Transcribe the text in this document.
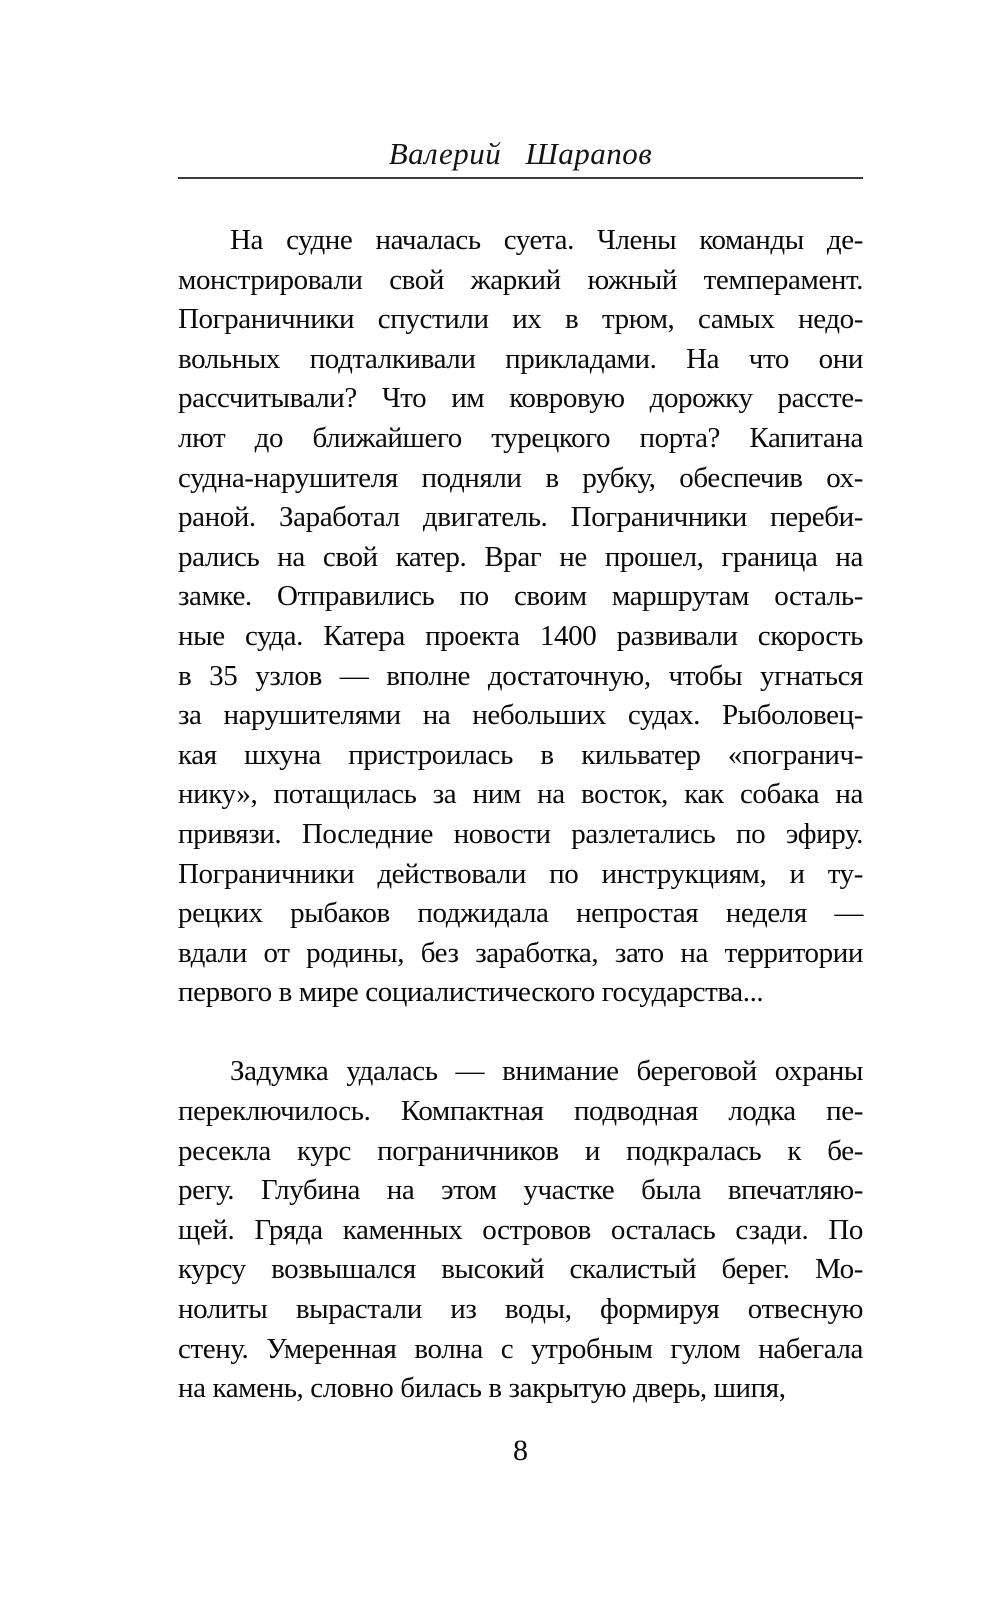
Валерий Шарапов
На судне началась суета. Члены команды де-
монстрировали свой жаркий южный темперамент.
Пограничники спустили их в трюм, самых недо-
вольных подталкивали прикладами. На что они
рассчитывали? Что им ковровую дорожку рассте-
лют до ближайшего турецкого порта? Капитана
судна-нарушителя подняли в рубку, обеспечив ох-
раной. Заработал двигатель. Пограничники переби-
рались на свой катер. Враг не прошел, граница на
замке. Отправились по своим маршрутам осталь-
ные суда. Катера проекта 1400 развивали скорость
в 35 узлов — вполне достаточную, чтобы угнаться
за нарушителями на небольших судах. Рыболовец-
кая шхуна пристроилась в кильватер «погранич-
нику», потащилась за ним на восток, как собака на
привязи. Последние новости разлетались по эфиру.
Пограничники действовали по инструкциям, и ту-
рецких рыбаков поджидала непростая неделя —
вдали от родины, без заработка, зато на территории
первого в мире социалистического государства...
Задумка удалась — внимание береговой охраны
переключилось. Компактная подводная лодка пе-
ресекла курс пограничников и подкралась к бе-
регу. Глубина на этом участке была впечатляю-
щей. Гряда каменных островов осталась сзади. По
курсу возвышался высокий скалистый берег. Мо-
нолиты вырастали из воды, формируя отвесную
стену. Умеренная волна с утробным гулом набегала
на камень, словно билась в закрытую дверь, шипя,
8
